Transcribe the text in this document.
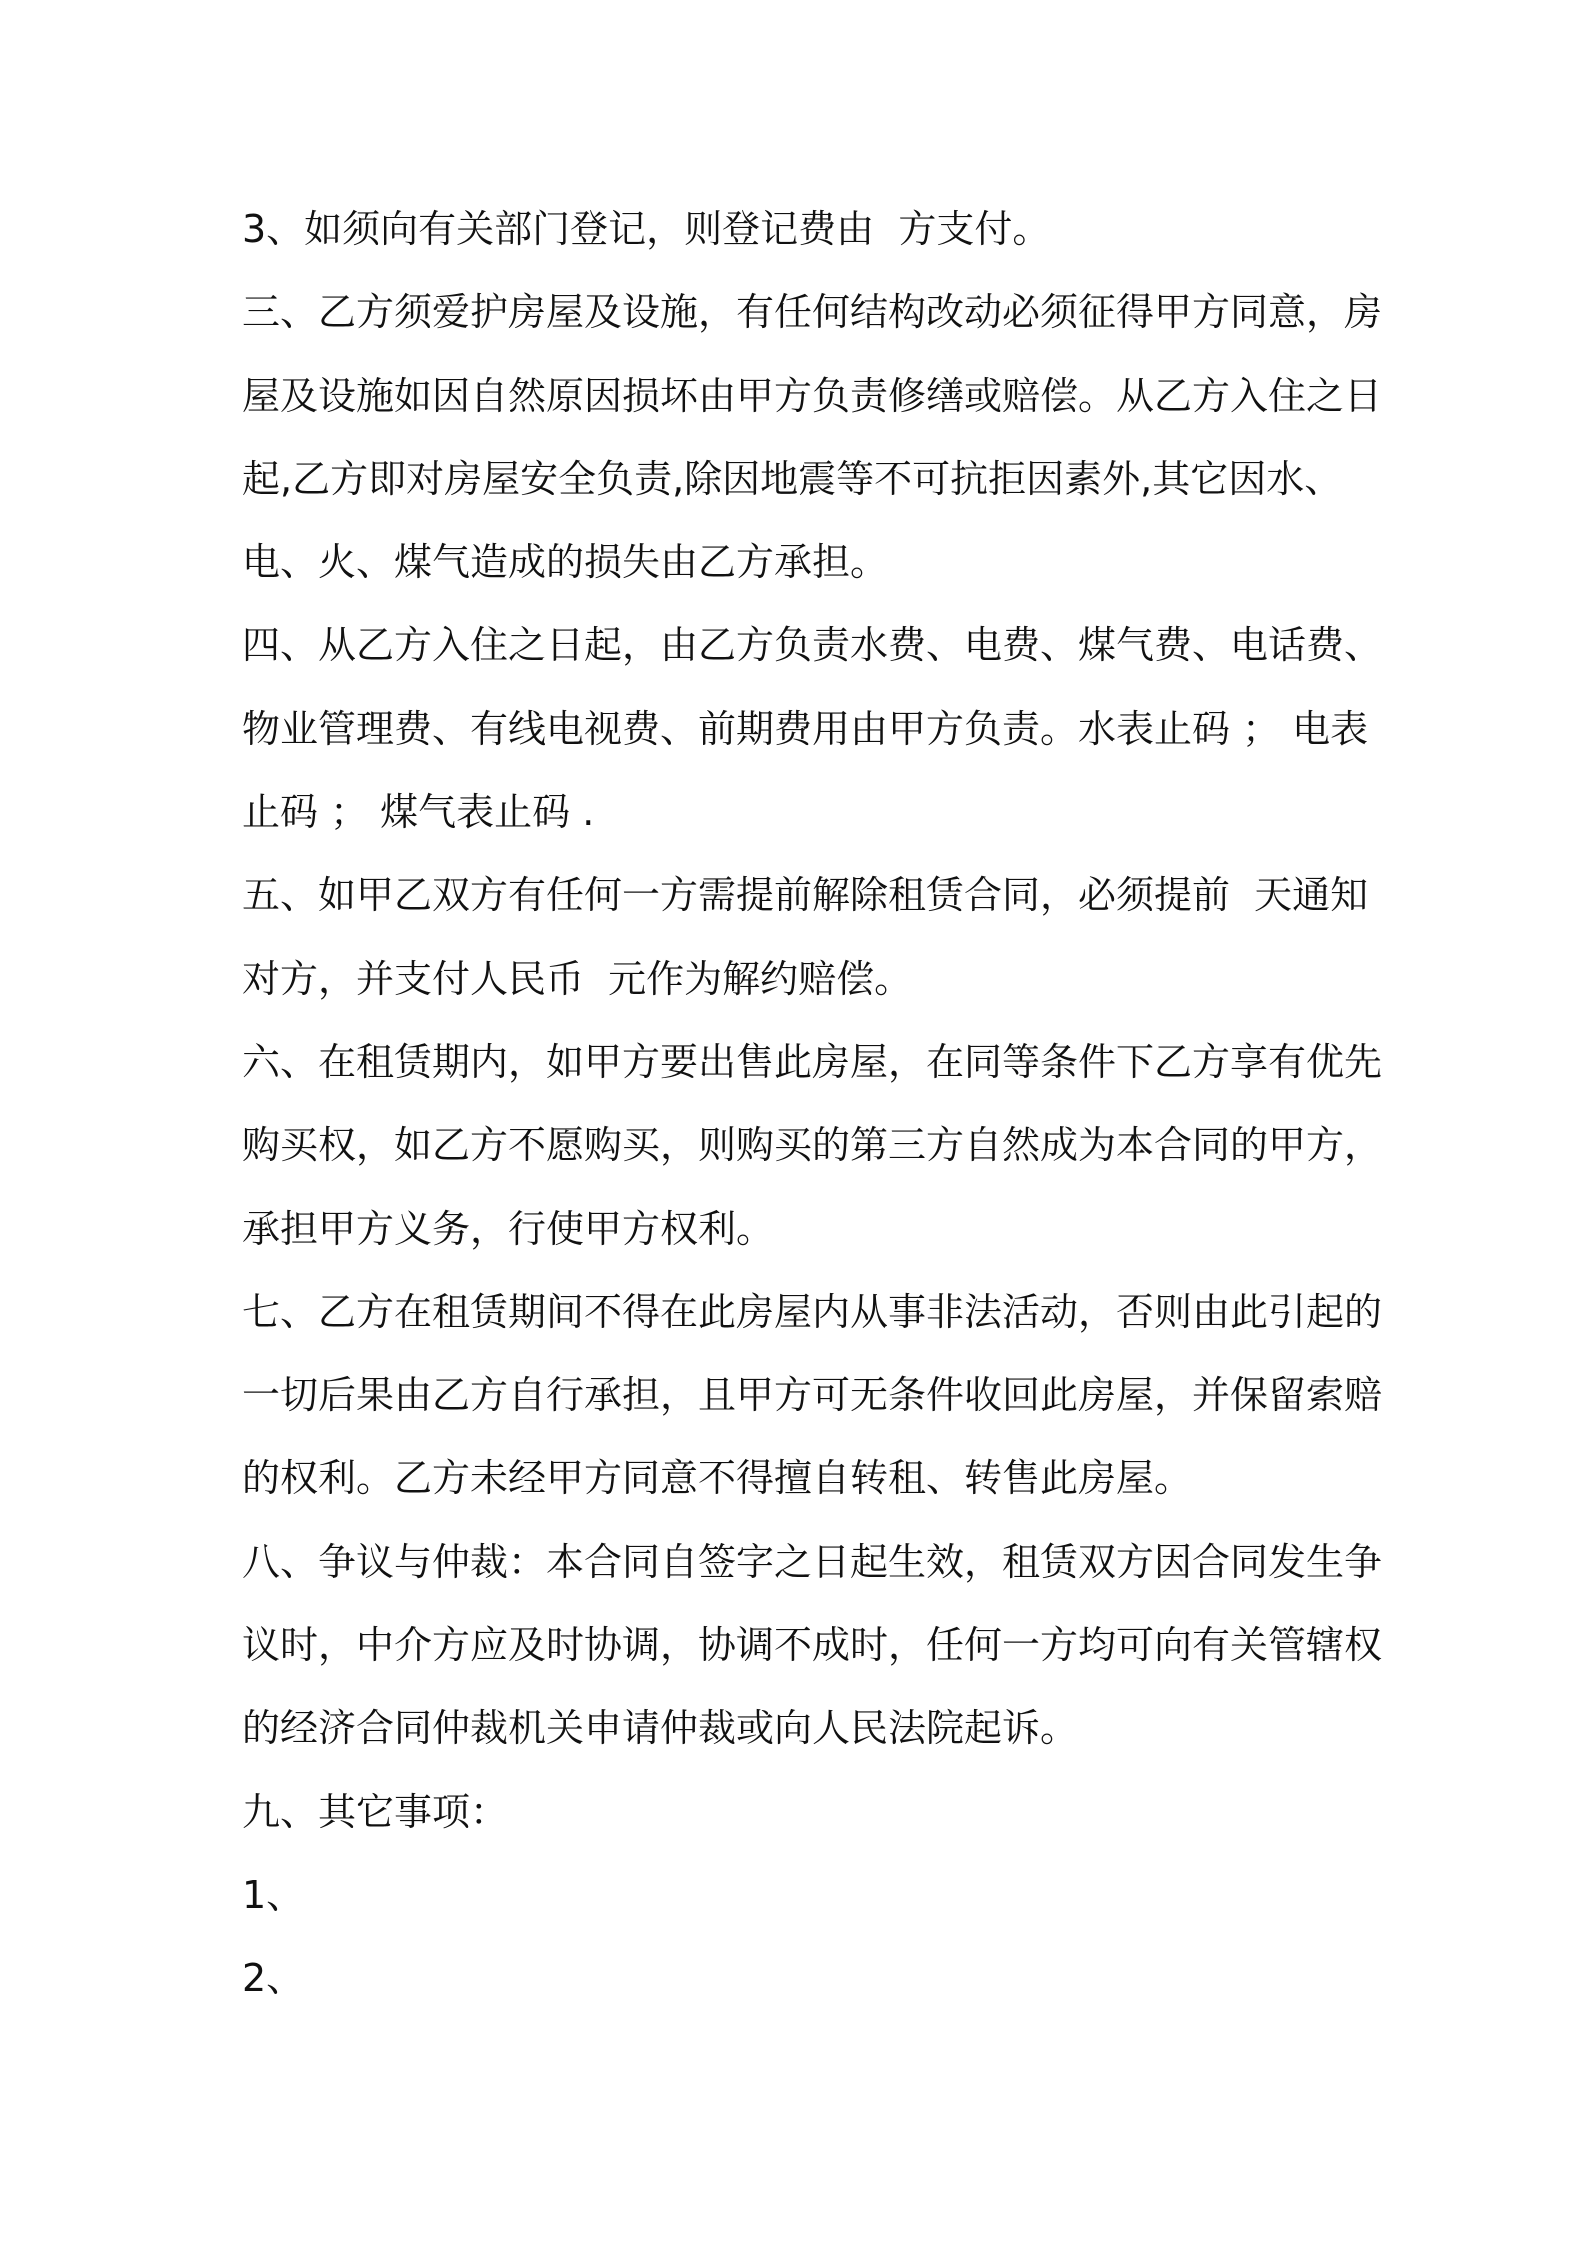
3、如须向有关部门登记，则登记费由  方支付。
三、乙方须爱护房屋及设施，有任何结构改动必须征得甲方同意，房
屋及设施如因自然原因损坏由甲方负责修缮或赔偿。从乙方入住之日
起,乙方即对房屋安全负责,除因地震等不可抗拒因素外,其它因水、
电、火、煤气造成的损失由乙方承担。
四、从乙方入住之日起，由乙方负责水费、电费、煤气费、电话费、
物业管理费、有线电视费、前期费用由甲方负责。水表止码 ； 电表
止码 ； 煤气表止码 .
五、如甲乙双方有任何一方需提前解除租赁合同，必须提前  天通知
对方，并支付人民币  元作为解约赔偿。
六、在租赁期内，如甲方要出售此房屋，在同等条件下乙方享有优先
购买权，如乙方不愿购买，则购买的第三方自然成为本合同的甲方，
承担甲方义务，行使甲方权利。
七、乙方在租赁期间不得在此房屋内从事非法活动，否则由此引起的
一切后果由乙方自行承担，且甲方可无条件收回此房屋，并保留索赔
的权利。乙方未经甲方同意不得擅自转租、转售此房屋。
八、争议与仲裁：本合同自签字之日起生效，租赁双方因合同发生争
议时，中介方应及时协调，协调不成时，任何一方均可向有关管辖权
的经济合同仲裁机关申请仲裁或向人民法院起诉。
九、其它事项：
1、
2、
